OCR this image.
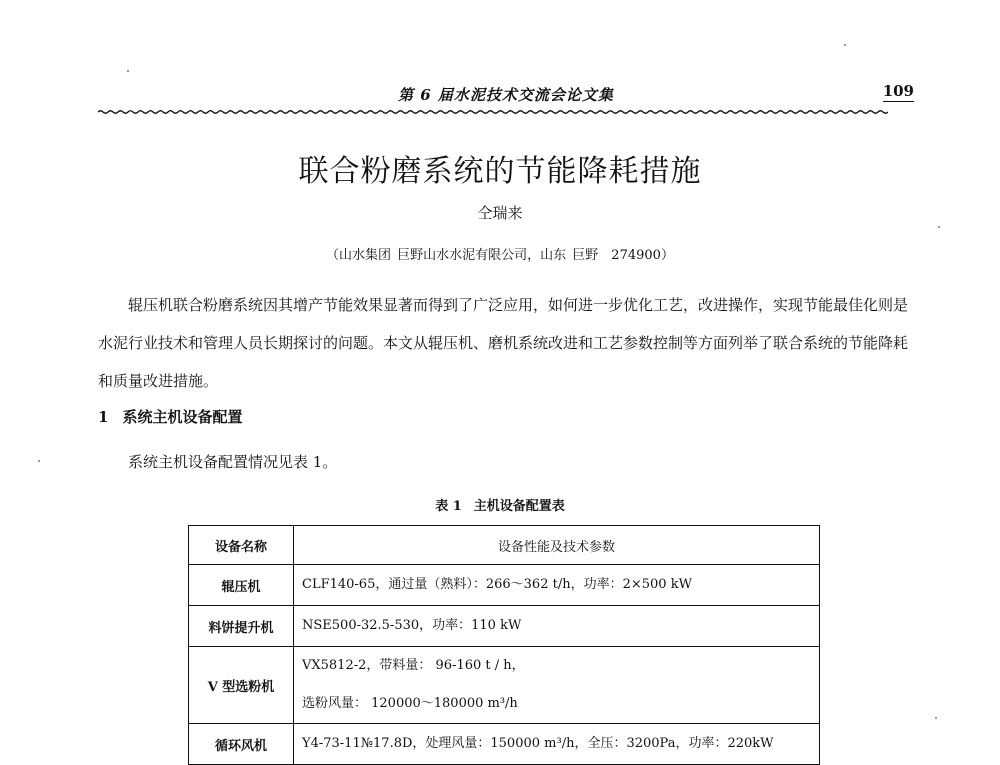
第 6 届水泥技术交流会论文集	109
联合粉磨系统的节能降耗措施
仝瑞来
（山水集团 巨野山水水泥有限公司，山东 巨野　274900）

辊压机联合粉磨系统因其增产节能效果显著而得到了广泛应用，如何进一步优化工艺，改进操作，实现节能最佳化则是水泥行业技术和管理人员长期探讨的问题。本文从辊压机、磨机系统改进和工艺参数控制等方面列举了联合系统的节能降耗和质量改进措施。

1 系统主机设备配置
系统主机设备配置情况见表 1。
表 1 主机设备配置表
设备名称	设备性能及技术参数
辊压机	CLF140-65，通过量（熟料）：266～362 t/h，功率：2×500 kW

料饼提升机	NSE500-32.5-530，功率：110 kW

V 型选粉机	VX5812-2，带料量： 96-160 t / h，
选粉风量： 120000～180000 m³/h

循环风机	Y4-73-11№17.8D，处理风量：150000 m³/h，全压：3200Pa，功率：220kW
